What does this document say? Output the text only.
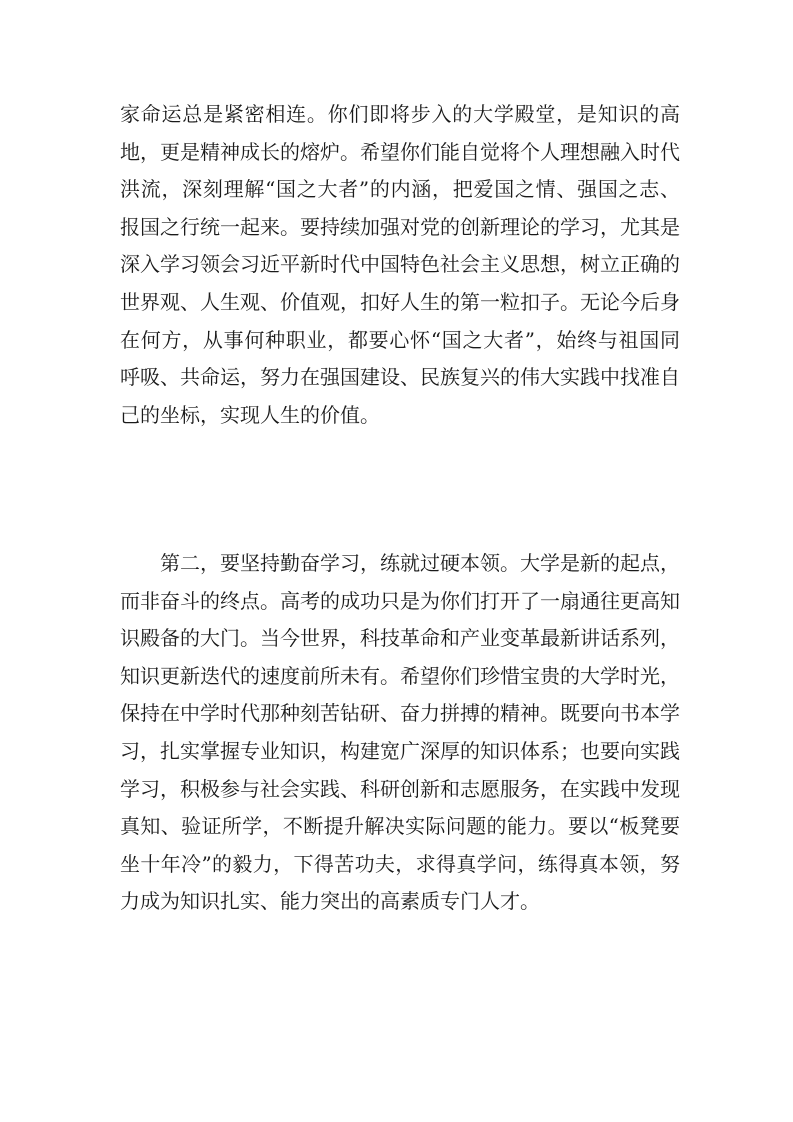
家命运总是紧密相连。你们即将步入的大学殿堂，是知识的高地，更是精神成长的熔炉。希望你们能自觉将个人理想融入时代洪流，深刻理解“国之大者”的内涵，把爱国之情、强国之志、报国之行统一起来。要持续加强对党的创新理论的学习，尤其是深入学习领会习近平新时代中国特色社会主义思想，树立正确的世界观、人生观、价值观，扣好人生的第一粒扣子。无论今后身在何方，从事何种职业，都要心怀“国之大者”，始终与祖国同呼吸、共命运，努力在强国建设、民族复兴的伟大实践中找准自己的坐标，实现人生的价值。

第二，要坚持勤奋学习，练就过硬本领。大学是新的起点，而非奋斗的终点。高考的成功只是为你们打开了一扇通往更高知识殿备的大门。当今世界，科技革命和产业变革最新讲话系列，知识更新迭代的速度前所未有。希望你们珍惜宝贵的大学时光，保持在中学时代那种刻苦钻研、奋力拼搏的精神。既要向书本学习，扎实掌握专业知识，构建宽广深厚的知识体系；也要向实践学习，积极参与社会实践、科研创新和志愿服务，在实践中发现真知、验证所学，不断提升解决实际问题的能力。要以“板凳要坐十年冷”的毅力，下得苦功夫，求得真学问，练得真本领，努力成为知识扎实、能力突出的高素质专门人才。
